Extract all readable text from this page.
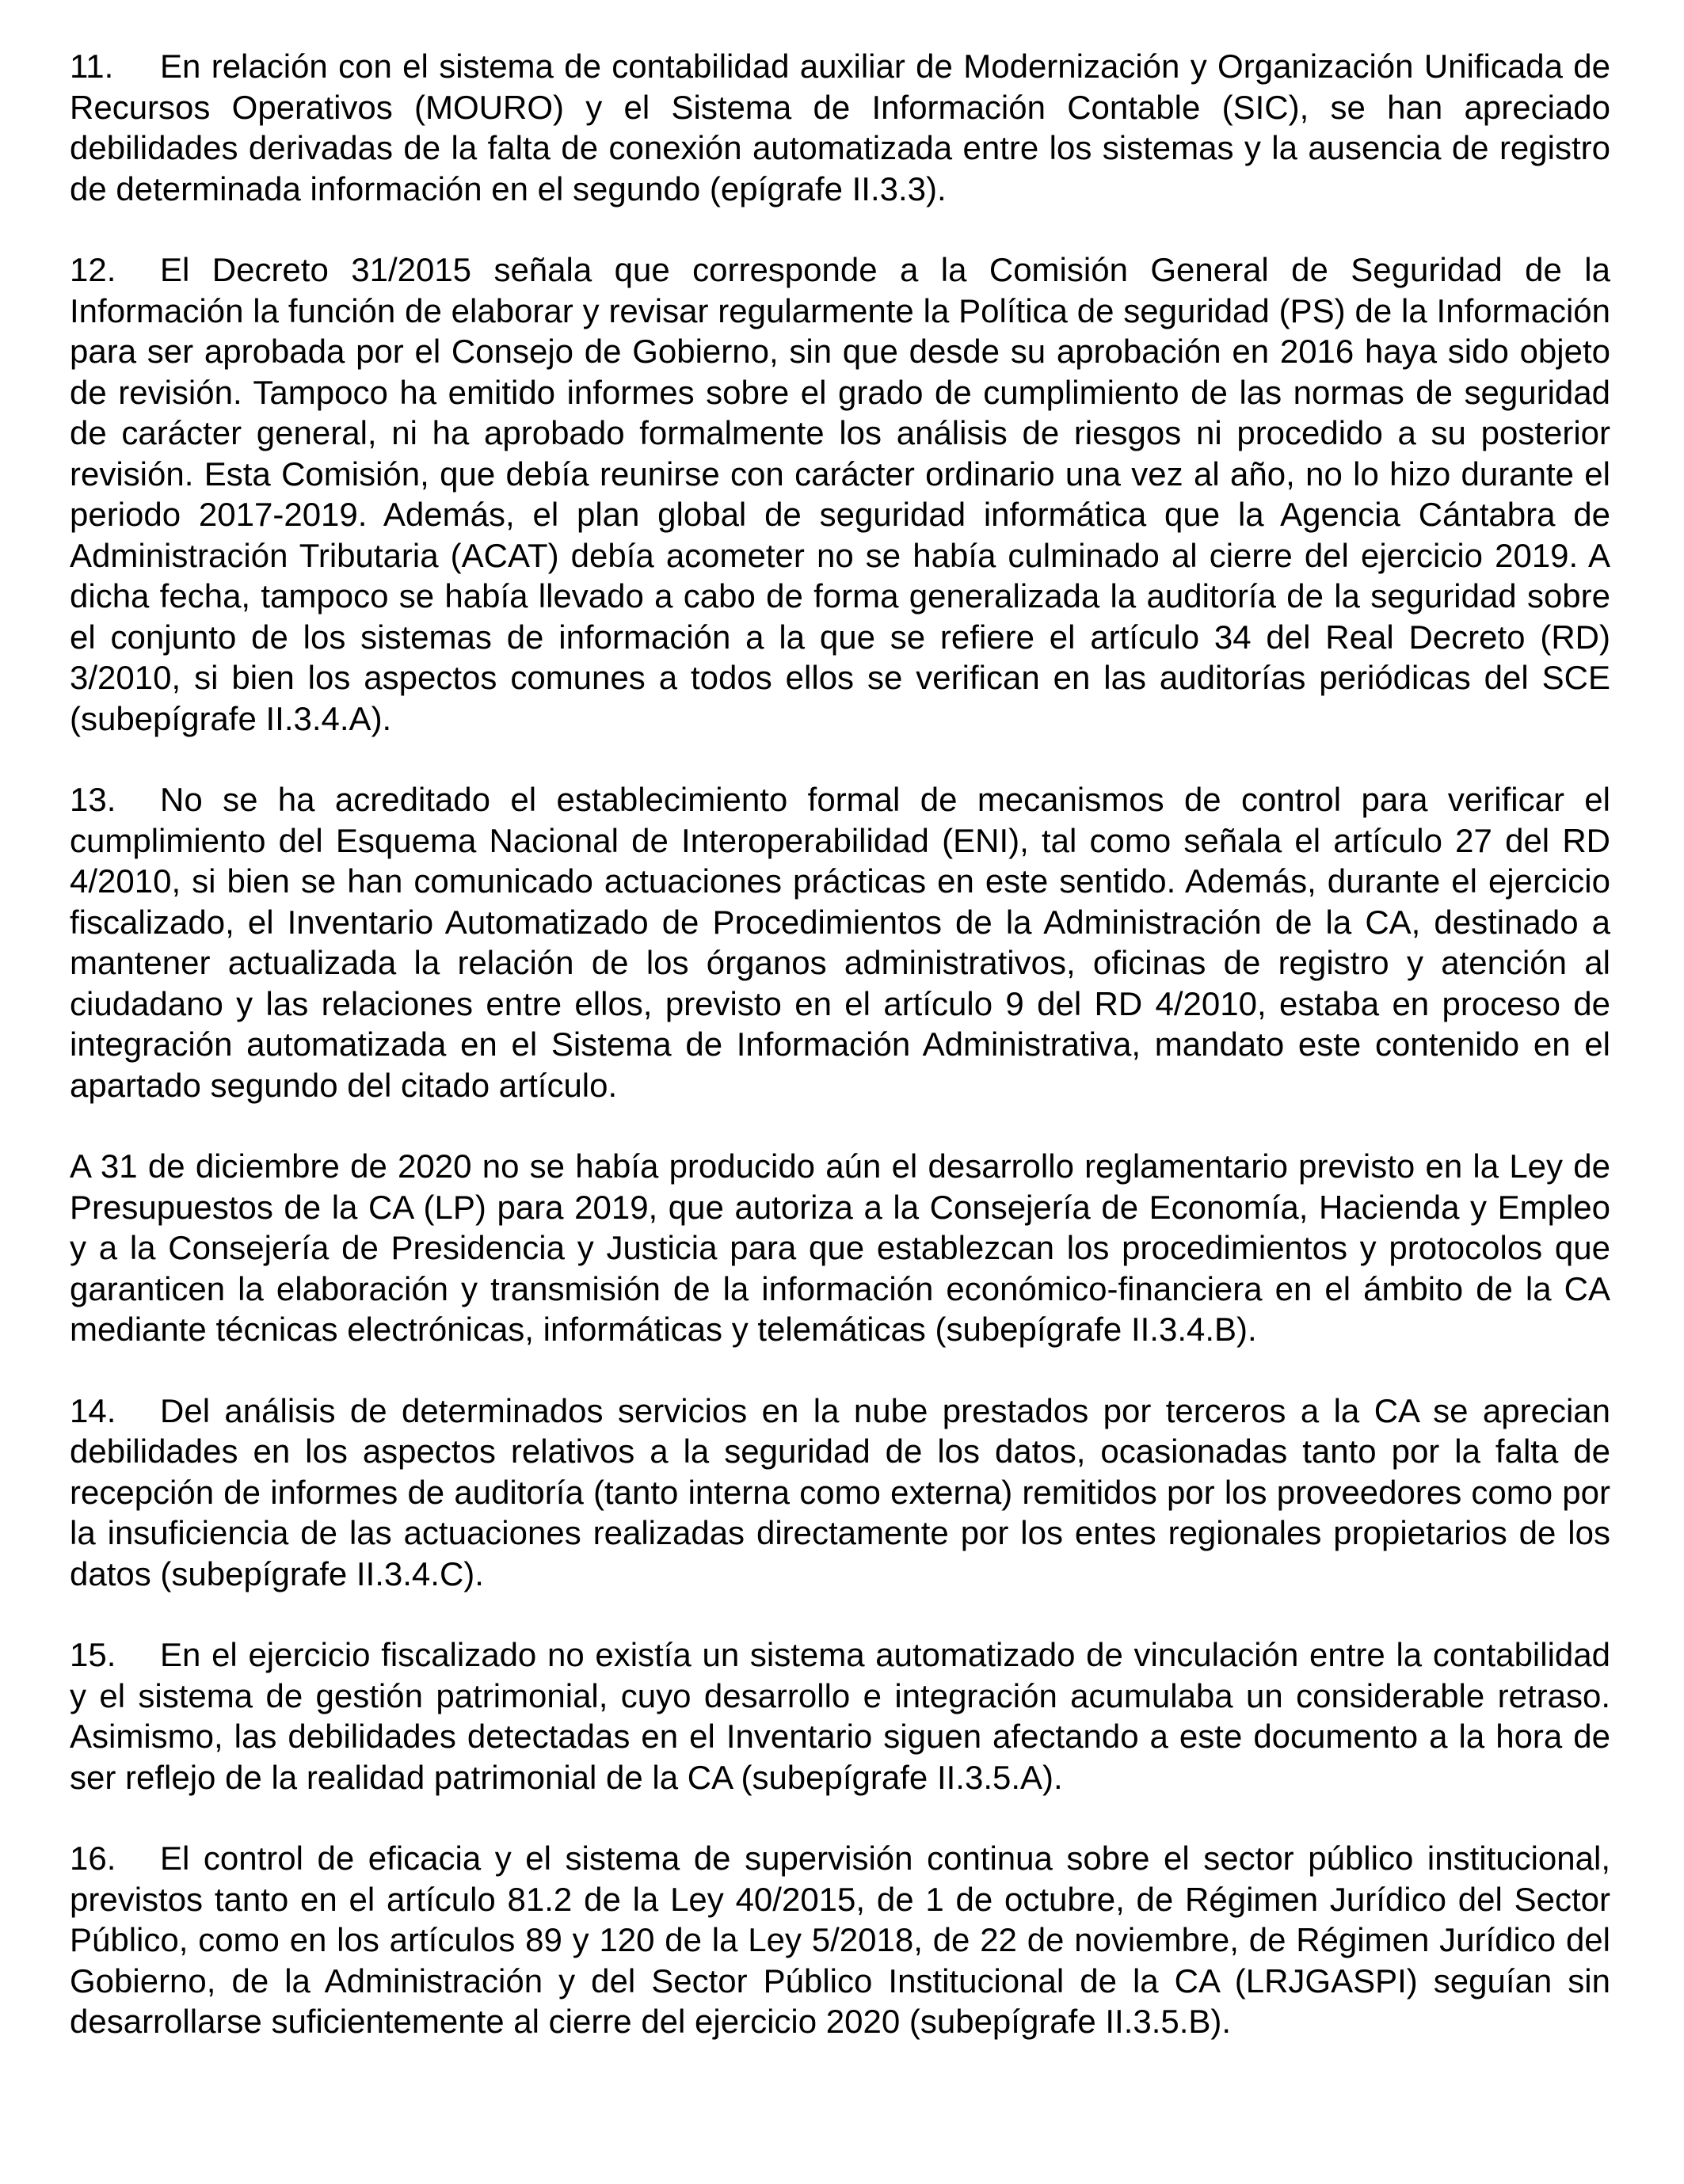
11. En relación con el sistema de contabilidad auxiliar de Modernización y Organización Unificada de Recursos Operativos (MOURO) y el Sistema de Información Contable (SIC), se han apreciado debilidades derivadas de la falta de conexión automatizada entre los sistemas y la ausencia de registro de determinada información en el segundo (epígrafe II.3.3).

12. El Decreto 31/2015 señala que corresponde a la Comisión General de Seguridad de la Información la función de elaborar y revisar regularmente la Política de seguridad (PS) de la Información para ser aprobada por el Consejo de Gobierno, sin que desde su aprobación en 2016 haya sido objeto de revisión. Tampoco ha emitido informes sobre el grado de cumplimiento de las normas de seguridad de carácter general, ni ha aprobado formalmente los análisis de riesgos ni procedido a su posterior revisión. Esta Comisión, que debía reunirse con carácter ordinario una vez al año, no lo hizo durante el periodo 2017-2019. Además, el plan global de seguridad informática que la Agencia Cántabra de Administración Tributaria (ACAT) debía acometer no se había culminado al cierre del ejercicio 2019. A dicha fecha, tampoco se había llevado a cabo de forma generalizada la auditoría de la seguridad sobre el conjunto de los sistemas de información a la que se refiere el artículo 34 del Real Decreto (RD) 3/2010, si bien los aspectos comunes a todos ellos se verifican en las auditorías periódicas del SCE (subepígrafe II.3.4.A).

13. No se ha acreditado el establecimiento formal de mecanismos de control para verificar el cumplimiento del Esquema Nacional de Interoperabilidad (ENI), tal como señala el artículo 27 del RD 4/2010, si bien se han comunicado actuaciones prácticas en este sentido. Además, durante el ejercicio fiscalizado, el Inventario Automatizado de Procedimientos de la Administración de la CA, destinado a mantener actualizada la relación de los órganos administrativos, oficinas de registro y atención al ciudadano y las relaciones entre ellos, previsto en el artículo 9 del RD 4/2010, estaba en proceso de integración automatizada en el Sistema de Información Administrativa, mandato este contenido en el apartado segundo del citado artículo.

A 31 de diciembre de 2020 no se había producido aún el desarrollo reglamentario previsto en la Ley de Presupuestos de la CA (LP) para 2019, que autoriza a la Consejería de Economía, Hacienda y Empleo y a la Consejería de Presidencia y Justicia para que establezcan los procedimientos y protocolos que garanticen la elaboración y transmisión de la información económico-financiera en el ámbito de la CA mediante técnicas electrónicas, informáticas y telemáticas (subepígrafe II.3.4.B).

14. Del análisis de determinados servicios en la nube prestados por terceros a la CA se aprecian debilidades en los aspectos relativos a la seguridad de los datos, ocasionadas tanto por la falta de recepción de informes de auditoría (tanto interna como externa) remitidos por los proveedores como por la insuficiencia de las actuaciones realizadas directamente por los entes regionales propietarios de los datos (subepígrafe II.3.4.C).

15. En el ejercicio fiscalizado no existía un sistema automatizado de vinculación entre la contabilidad y el sistema de gestión patrimonial, cuyo desarrollo e integración acumulaba un considerable retraso. Asimismo, las debilidades detectadas en el Inventario siguen afectando a este documento a la hora de ser reflejo de la realidad patrimonial de la CA (subepígrafe II.3.5.A).

16. El control de eficacia y el sistema de supervisión continua sobre el sector público institucional, previstos tanto en el artículo 81.2 de la Ley 40/2015, de 1 de octubre, de Régimen Jurídico del Sector Público, como en los artículos 89 y 120 de la Ley 5/2018, de 22 de noviembre, de Régimen Jurídico del Gobierno, de la Administración y del Sector Público Institucional de la CA (LRJGASPI) seguían sin desarrollarse suficientemente al cierre del ejercicio 2020 (subepígrafe II.3.5.B).
